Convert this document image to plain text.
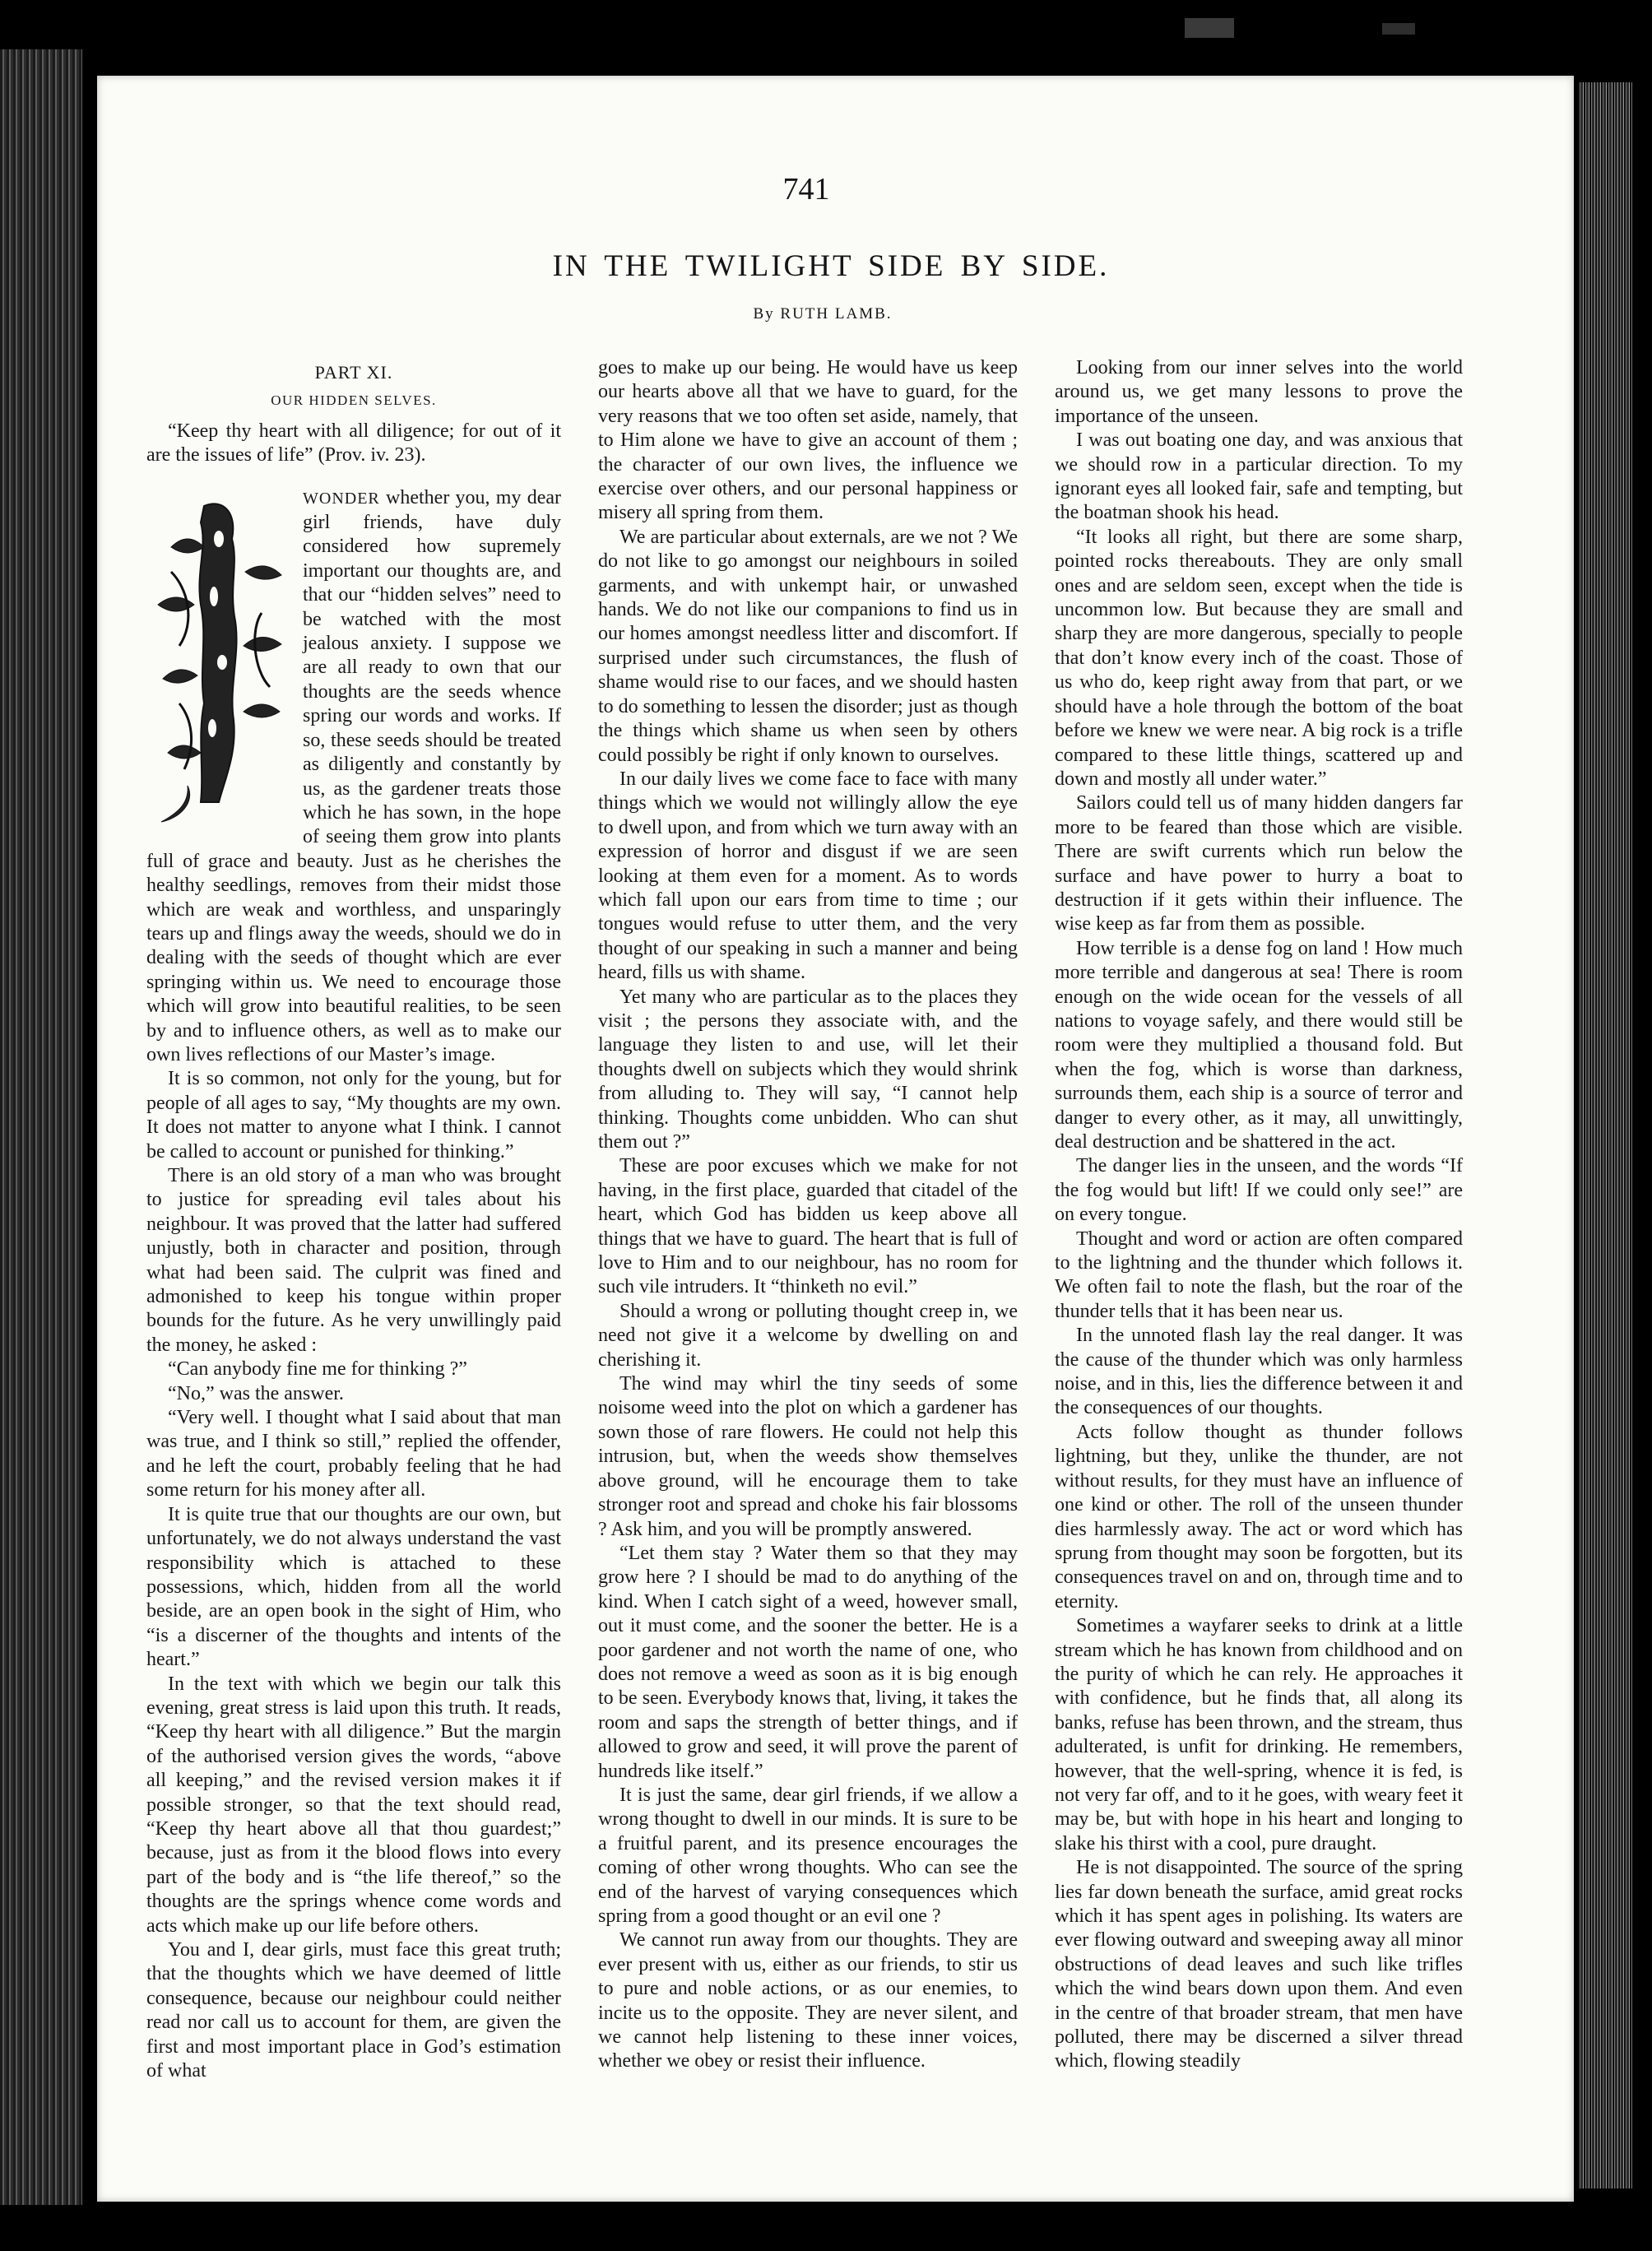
741
IN THE TWILIGHT SIDE BY SIDE.
By RUTH LAMB.
PART XI.
OUR HIDDEN SELVES.

“Keep thy heart with all diligence; for out of it are the issues of life” (Prov. iv. 23).

WONDER whether you, my dear girl friends, have duly considered how supremely important our thoughts are, and that our “hidden selves” need to be watched with the most jealous anxiety. I suppose we are all ready to own that our thoughts are the seeds whence spring our words and works. If so, these seeds should be treated as diligently and constantly by us, as the gardener treats those which he has sown, in the hope of seeing them grow into plants full of grace and beauty. Just as he cherishes the healthy seedlings, removes from their midst those which are weak and worthless, and unsparingly tears up and flings away the weeds, should we do in dealing with the seeds of thought which are ever springing within us. We need to encourage those which will grow into beautiful realities, to be seen by and to influence others, as well as to make our own lives reflections of our Master’s image.

It is so common, not only for the young, but for people of all ages to say, “My thoughts are my own. It does not matter to anyone what I think. I cannot be called to account or punished for thinking.”

There is an old story of a man who was brought to justice for spreading evil tales about his neighbour. It was proved that the latter had suffered unjustly, both in character and position, through what had been said. The culprit was fined and admonished to keep his tongue within proper bounds for the future. As he very unwillingly paid the money, he asked :

“Can anybody fine me for thinking ?”

“No,” was the answer.

“Very well. I thought what I said about that man was true, and I think so still,” replied the offender, and he left the court, probably feeling that he had some return for his money after all.

It is quite true that our thoughts are our own, but unfortunately, we do not always understand the vast responsibility which is attached to these possessions, which, hidden from all the world beside, are an open book in the sight of Him, who “is a discerner of the thoughts and intents of the heart.”

In the text with which we begin our talk this evening, great stress is laid upon this truth. It reads, “Keep thy heart with all diligence.” But the margin of the authorised version gives the words, “above all keeping,” and the revised version makes it if possible stronger, so that the text should read, “Keep thy heart above all that thou guardest;” because, just as from it the blood flows into every part of the body and is “the life thereof,” so the thoughts are the springs whence come words and acts which make up our life before others.

You and I, dear girls, must face this great truth; that the thoughts which we have deemed of little consequence, because our neighbour could neither read nor call us to account for them, are given the first and most important place in God’s estimation of what

goes to make up our being. He would have us keep our hearts above all that we have to guard, for the very reasons that we too often set aside, namely, that to Him alone we have to give an account of them ; the character of our own lives, the influence we exercise over others, and our personal happiness or misery all spring from them.

We are particular about externals, are we not ? We do not like to go amongst our neighbours in soiled garments, and with unkempt hair, or unwashed hands. We do not like our companions to find us in our homes amongst needless litter and discomfort. If surprised under such circumstances, the flush of shame would rise to our faces, and we should hasten to do something to lessen the disorder; just as though the things which shame us when seen by others could possibly be right if only known to ourselves.

In our daily lives we come face to face with many things which we would not willingly allow the eye to dwell upon, and from which we turn away with an expression of horror and disgust if we are seen looking at them even for a moment. As to words which fall upon our ears from time to time ; our tongues would refuse to utter them, and the very thought of our speaking in such a manner and being heard, fills us with shame.

Yet many who are particular as to the places they visit ; the persons they associate with, and the language they listen to and use, will let their thoughts dwell on subjects which they would shrink from alluding to. They will say, “I cannot help thinking. Thoughts come unbidden. Who can shut them out ?”

These are poor excuses which we make for not having, in the first place, guarded that citadel of the heart, which God has bidden us keep above all things that we have to guard. The heart that is full of love to Him and to our neighbour, has no room for such vile intruders. It “thinketh no evil.”

Should a wrong or polluting thought creep in, we need not give it a welcome by dwelling on and cherishing it.

The wind may whirl the tiny seeds of some noisome weed into the plot on which a gardener has sown those of rare flowers. He could not help this intrusion, but, when the weeds show themselves above ground, will he encourage them to take stronger root and spread and choke his fair blossoms ? Ask him, and you will be promptly answered.

“Let them stay ? Water them so that they may grow here ? I should be mad to do anything of the kind. When I catch sight of a weed, however small, out it must come, and the sooner the better. He is a poor gardener and not worth the name of one, who does not remove a weed as soon as it is big enough to be seen. Everybody knows that, living, it takes the room and saps the strength of better things, and if allowed to grow and seed, it will prove the parent of hundreds like itself.”

It is just the same, dear girl friends, if we allow a wrong thought to dwell in our minds. It is sure to be a fruitful parent, and its presence encourages the coming of other wrong thoughts. Who can see the end of the harvest of varying consequences which spring from a good thought or an evil one ?

We cannot run away from our thoughts. They are ever present with us, either as our friends, to stir us to pure and noble actions, or as our enemies, to incite us to the opposite. They are never silent, and we cannot help listening to these inner voices, whether we obey or resist their influence.

Looking from our inner selves into the world around us, we get many lessons to prove the importance of the unseen.

I was out boating one day, and was anxious that we should row in a particular direction. To my ignorant eyes all looked fair, safe and tempting, but the boatman shook his head.

“It looks all right, but there are some sharp, pointed rocks thereabouts. They are only small ones and are seldom seen, except when the tide is uncommon low. But because they are small and sharp they are more dangerous, specially to people that don’t know every inch of the coast. Those of us who do, keep right away from that part, or we should have a hole through the bottom of the boat before we knew we were near. A big rock is a trifle compared to these little things, scattered up and down and mostly all under water.”

Sailors could tell us of many hidden dangers far more to be feared than those which are visible. There are swift currents which run below the surface and have power to hurry a boat to destruction if it gets within their influence. The wise keep as far from them as possible.

How terrible is a dense fog on land ! How much more terrible and dangerous at sea! There is room enough on the wide ocean for the vessels of all nations to voyage safely, and there would still be room were they multiplied a thousand fold. But when the fog, which is worse than darkness, surrounds them, each ship is a source of terror and danger to every other, as it may, all unwittingly, deal destruction and be shattered in the act.

The danger lies in the unseen, and the words “If the fog would but lift! If we could only see!” are on every tongue.

Thought and word or action are often compared to the lightning and the thunder which follows it. We often fail to note the flash, but the roar of the thunder tells that it has been near us.

In the unnoted flash lay the real danger. It was the cause of the thunder which was only harmless noise, and in this, lies the difference between it and the consequences of our thoughts.

Acts follow thought as thunder follows lightning, but they, unlike the thunder, are not without results, for they must have an influence of one kind or other. The roll of the unseen thunder dies harmlessly away. The act or word which has sprung from thought may soon be forgotten, but its consequences travel on and on, through time and to eternity.

Sometimes a wayfarer seeks to drink at a little stream which he has known from childhood and on the purity of which he can rely. He approaches it with confidence, but he finds that, all along its banks, refuse has been thrown, and the stream, thus adulterated, is unfit for drinking. He remembers, however, that the well-spring, whence it is fed, is not very far off, and to it he goes, with weary feet it may be, but with hope in his heart and longing to slake his thirst with a cool, pure draught.

He is not disappointed. The source of the spring lies far down beneath the surface, amid great rocks which it has spent ages in polishing. Its waters are ever flowing outward and sweeping away all minor obstructions of dead leaves and such like trifles which the wind bears down upon them. And even in the centre of that broader stream, that men have polluted, there may be discerned a silver thread which, flowing steadily
